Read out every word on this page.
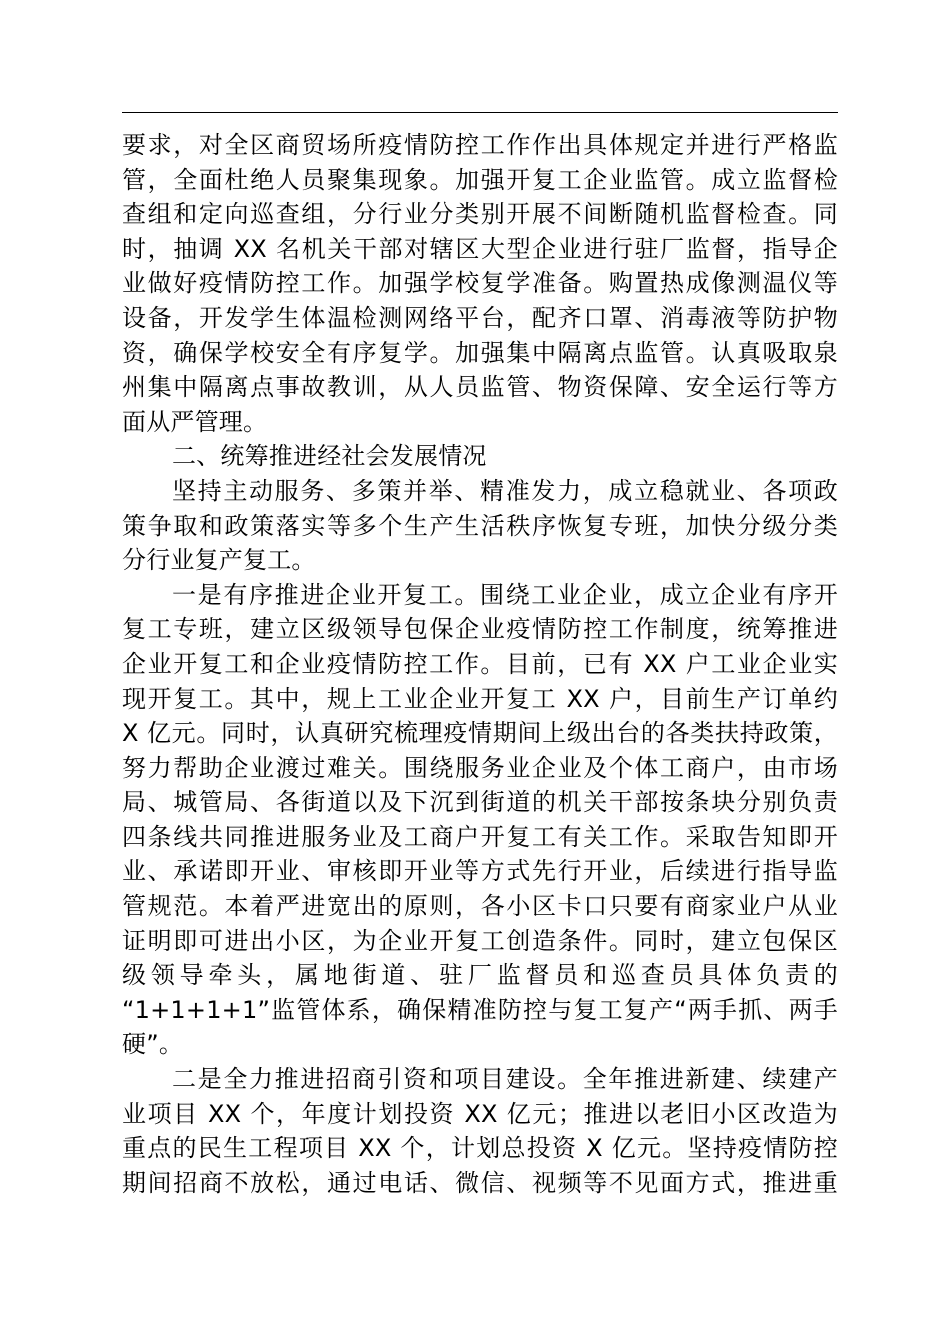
要求，对全区商贸场所疫情防控工作作出具体规定并进行严格监
管，全面杜绝人员聚集现象。加强开复工企业监管。成立监督检
查组和定向巡查组，分行业分类别开展不间断随机监督检查。同
时，抽调 XX 名机关干部对辖区大型企业进行驻厂监督，指导企
业做好疫情防控工作。加强学校复学准备。购置热成像测温仪等
设备，开发学生体温检测网络平台，配齐口罩、消毒液等防护物
资，确保学校安全有序复学。加强集中隔离点监管。认真吸取泉
州集中隔离点事故教训，从人员监管、物资保障、安全运行等方
面从严管理。
二、统筹推进经社会发展情况
坚持主动服务、多策并举、精准发力，成立稳就业、各项政
策争取和政策落实等多个生产生活秩序恢复专班，加快分级分类
分行业复产复工。
一是有序推进企业开复工。围绕工业企业，成立企业有序开
复工专班，建立区级领导包保企业疫情防控工作制度，统筹推进
企业开复工和企业疫情防控工作。目前，已有 XX 户工业企业实
现开复工。其中，规上工业企业开复工 XX 户，目前生产订单约
X 亿元。同时，认真研究梳理疫情期间上级出台的各类扶持政策，
努力帮助企业渡过难关。围绕服务业企业及个体工商户，由市场
局、城管局、各街道以及下沉到街道的机关干部按条块分别负责
四条线共同推进服务业及工商户开复工有关工作。采取告知即开
业、承诺即开业、审核即开业等方式先行开业，后续进行指导监
管规范。本着严进宽出的原则，各小区卡口只要有商家业户从业
证明即可进出小区，为企业开复工创造条件。同时，建立包保区
级领导牵头，属地街道、驻厂监督员和巡查员具体负责的
“1+1+1+1”监管体系，确保精准防控与复工复产“两手抓、两手
硬”。
二是全力推进招商引资和项目建设。全年推进新建、续建产
业项目 XX 个，年度计划投资 XX 亿元；推进以老旧小区改造为
重点的民生工程项目 XX 个，计划总投资 X 亿元。坚持疫情防控
期间招商不放松，通过电话、微信、视频等不见面方式，推进重
